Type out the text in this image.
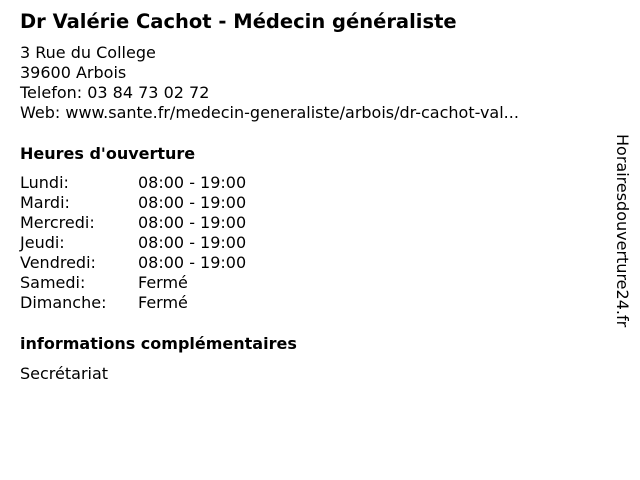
Dr Valérie Cachot - Médecin généraliste
3 Rue du College
39600 Arbois
Telefon: 03 84 73 02 72
Web: www.sante.fr/medecin-generaliste/arbois/dr-cachot-val...
Heures d'ouverture
Lundi:	08:00 - 19:00
Mardi:	08:00 - 19:00
Mercredi:	08:00 - 19:00
Jeudi:	08:00 - 19:00
Vendredi:	08:00 - 19:00
Samedi:	Fermé
Dimanche: Fermé
informations complémentaires
Secrétariat
Horairesdouverture24.fr
